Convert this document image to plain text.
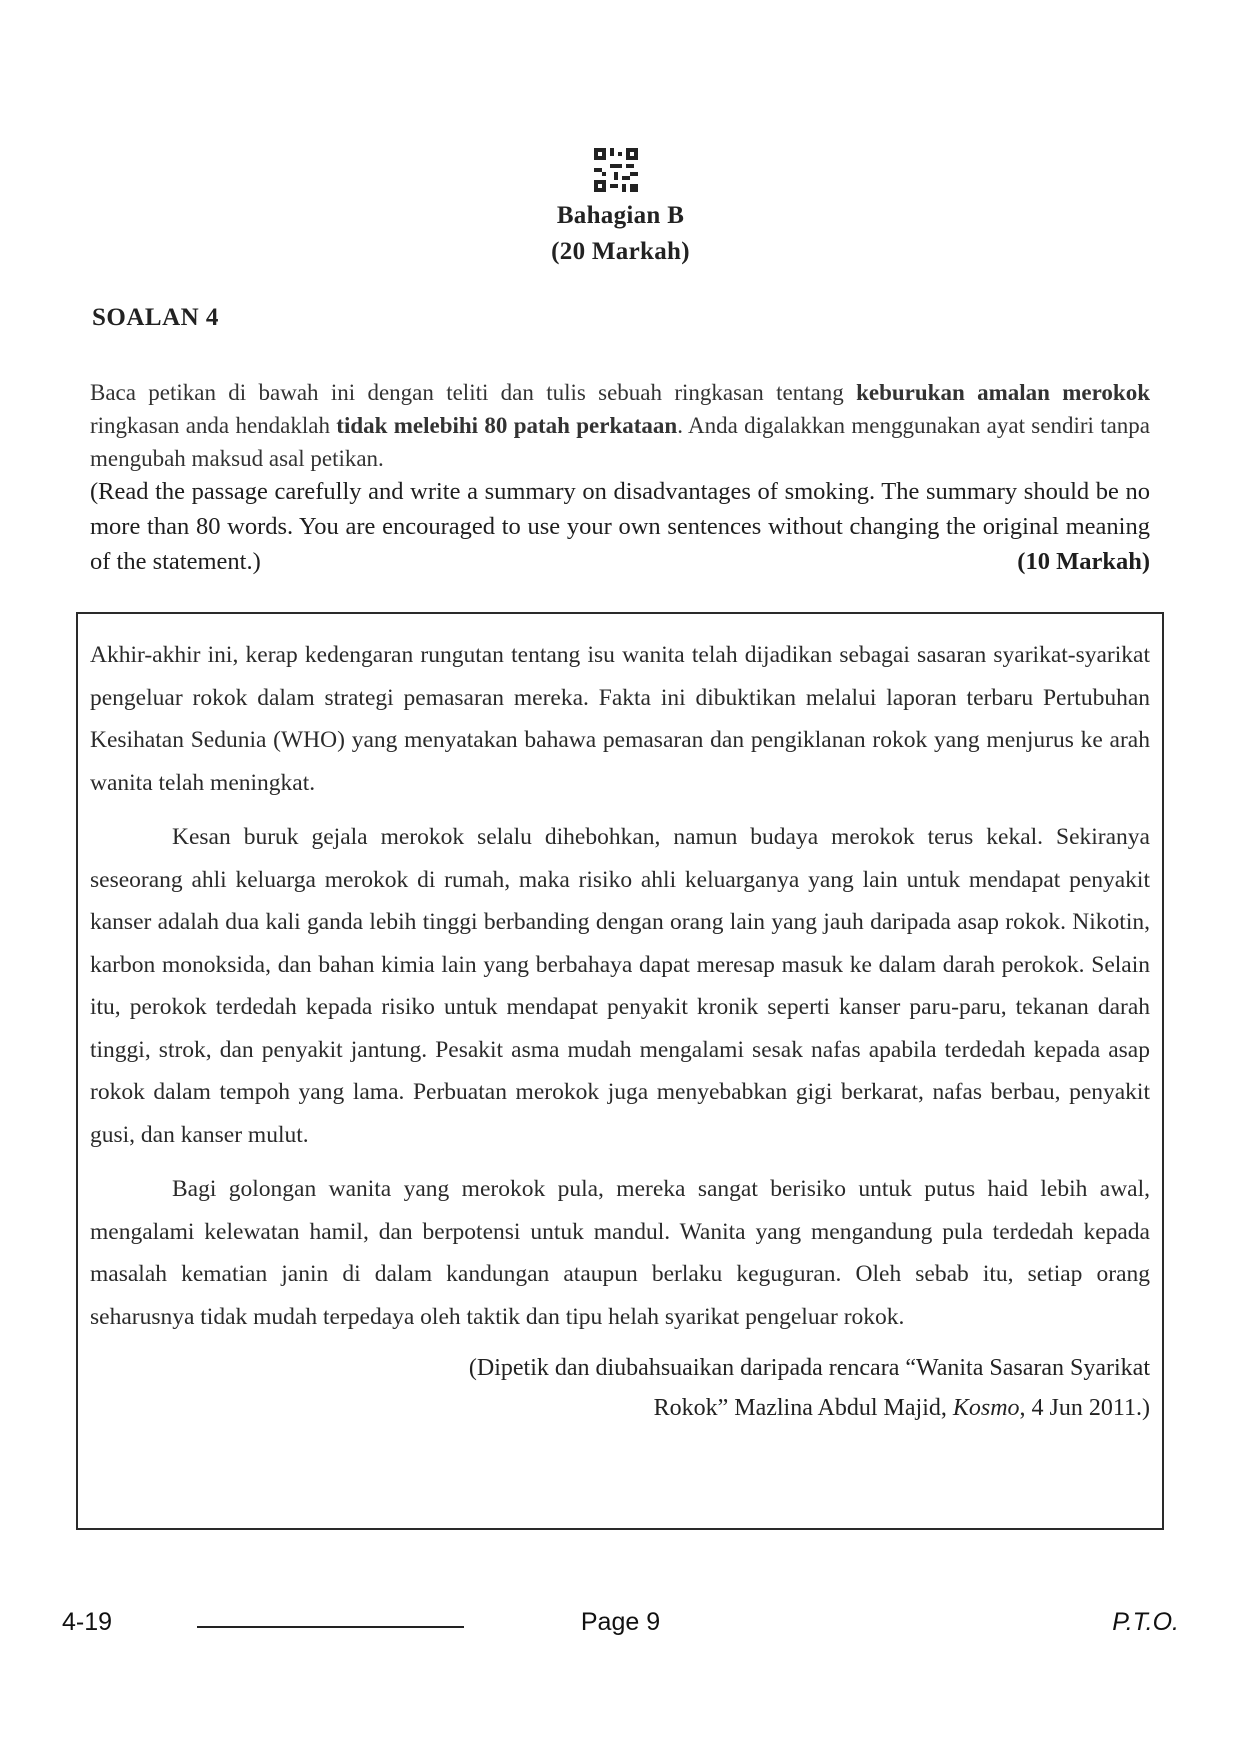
Bahagian B
(20 Markah)
SOALAN 4
Baca petikan di bawah ini dengan teliti dan tulis sebuah ringkasan tentang keburukan amalan merokok ringkasan anda hendaklah tidak melebihi 80 patah perkataan. Anda digalakkan menggunakan ayat sendiri tanpa mengubah maksud asal petikan.
(Read the passage carefully and write a summary on disadvantages of smoking. The summary should be no more than 80 words. You are encouraged to use your own sentences without changing the original meaning of the statement.)	(10 Markah)

Akhir-akhir ini, kerap kedengaran rungutan tentang isu wanita telah dijadikan sebagai sasaran syarikat-syarikat pengeluar rokok dalam strategi pemasaran mereka. Fakta ini dibuktikan melalui laporan terbaru Pertubuhan Kesihatan Sedunia (WHO) yang menyatakan bahawa pemasaran dan pengiklanan rokok yang menjurus ke arah wanita telah meningkat.

Kesan buruk gejala merokok selalu dihebohkan, namun budaya merokok terus kekal. Sekiranya seseorang ahli keluarga merokok di rumah, maka risiko ahli keluarganya yang lain untuk mendapat penyakit kanser adalah dua kali ganda lebih tinggi berbanding dengan orang lain yang jauh daripada asap rokok. Nikotin, karbon monoksida, dan bahan kimia lain yang berbahaya dapat meresap masuk ke dalam darah perokok. Selain itu, perokok terdedah kepada risiko untuk mendapat penyakit kronik seperti kanser paru-paru, tekanan darah tinggi, strok, dan penyakit jantung. Pesakit asma mudah mengalami sesak nafas apabila terdedah kepada asap rokok dalam tempoh yang lama. Perbuatan merokok juga menyebabkan gigi berkarat, nafas berbau, penyakit gusi, dan kanser mulut.

Bagi golongan wanita yang merokok pula, mereka sangat berisiko untuk putus haid lebih awal, mengalami kelewatan hamil, dan berpotensi untuk mandul. Wanita yang mengandung pula terdedah kepada masalah kematian janin di dalam kandungan ataupun berlaku keguguran. Oleh sebab itu, setiap orang seharusnya tidak mudah terpedaya oleh taktik dan tipu helah syarikat pengeluar rokok.

(Dipetik dan diubahsuaikan daripada rencara “Wanita Sasaran Syarikat
Rokok” Mazlina Abdul Majid, Kosmo, 4 Jun 2011.)
4-19	Page 9	P.T.O.
